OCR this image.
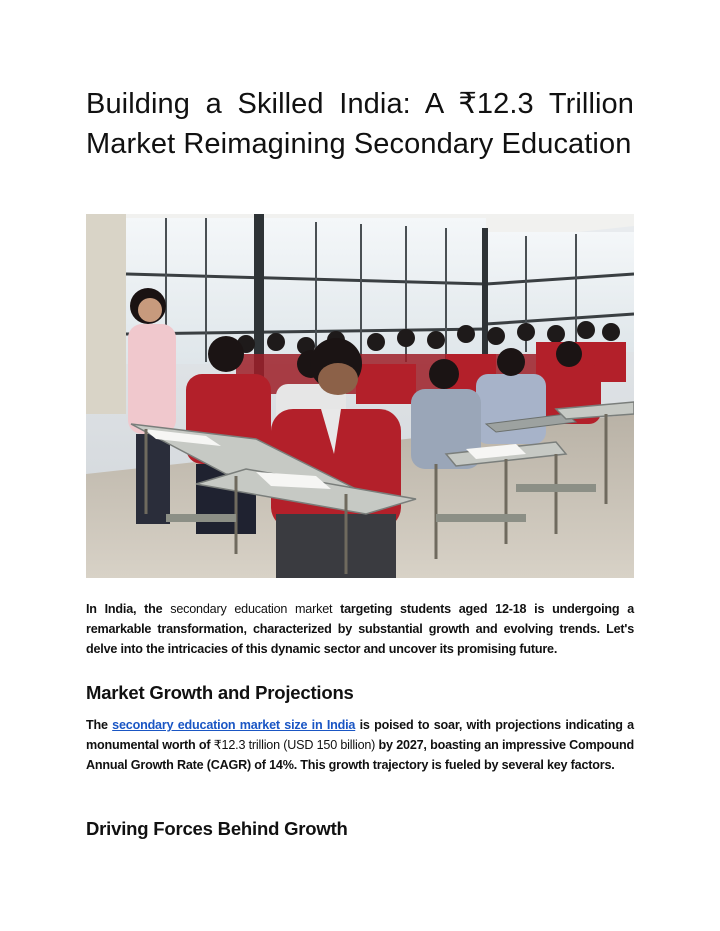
Building a Skilled India: A ₹12.3 Trillion Market Reimagining Secondary Education

In India, the secondary education market targeting students aged 12-18 is undergoing a remarkable transformation, characterized by substantial growth and evolving trends. Let's delve into the intricacies of this dynamic sector and uncover its promising future.

Market Growth and Projections

The secondary education market size in India is poised to soar, with projections indicating a monumental worth of ₹12.3 trillion (USD 150 billion) by 2027, boasting an impressive Compound Annual Growth Rate (CAGR) of 14%. This growth trajectory is fueled by several key factors.

Driving Forces Behind Growth
